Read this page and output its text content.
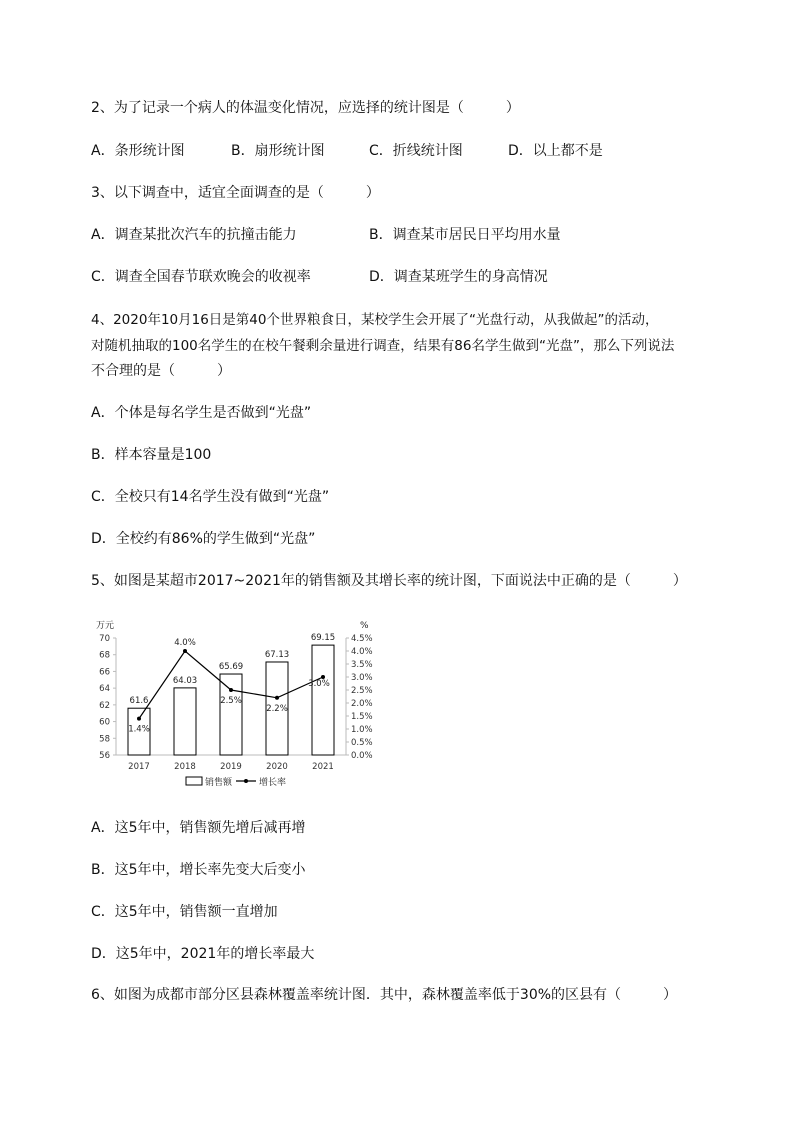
2、为了记录一个病人的体温变化情况，应选择的统计图是（　　　）
A．条形统计图	B．扇形统计图	C．折线统计图	D．以上都不是
3、以下调查中，适宜全面调查的是（　　　）
A．调查某批次汽车的抗撞击能力	B．调查某市居民日平均用水量
C．调查全国春节联欢晚会的收视率	D．调查某班学生的身高情况
4、2020年10月16日是第40个世界粮食日，某校学生会开展了“光盘行动，从我做起”的活动，
对随机抽取的100名学生的在校午餐剩余量进行调查，结果有86名学生做到“光盘”，那么下列说法
不合理的是（　　　）
A．个体是每名学生是否做到“光盘”
B．样本容量是100
C．全校只有14名学生没有做到“光盘”
D．全校约有86%的学生做到“光盘”
5、如图是某超市2017~2021年的销售额及其增长率的统计图，下面说法中正确的是（　　　）
万元	%
56
58
60
62
64
66
68
70
0.0%
0.5%
1.0%
1.5%
2.0%
2.5%
3.0%
3.5%
4.0%
4.5%
2017	2018	2019	2020	2021
61.6
64.03
65.69
67.13
69.15
1.4%
4.0%
2.5%
2.2%
3.0%
销售额	增长率
A．这5年中，销售额先增后减再增
B．这5年中，增长率先变大后变小
C．这5年中，销售额一直增加
D．这5年中，2021年的增长率最大
6、如图为成都市部分区县森林覆盖率统计图．其中，森林覆盖率低于30%的区县有（　　　）
